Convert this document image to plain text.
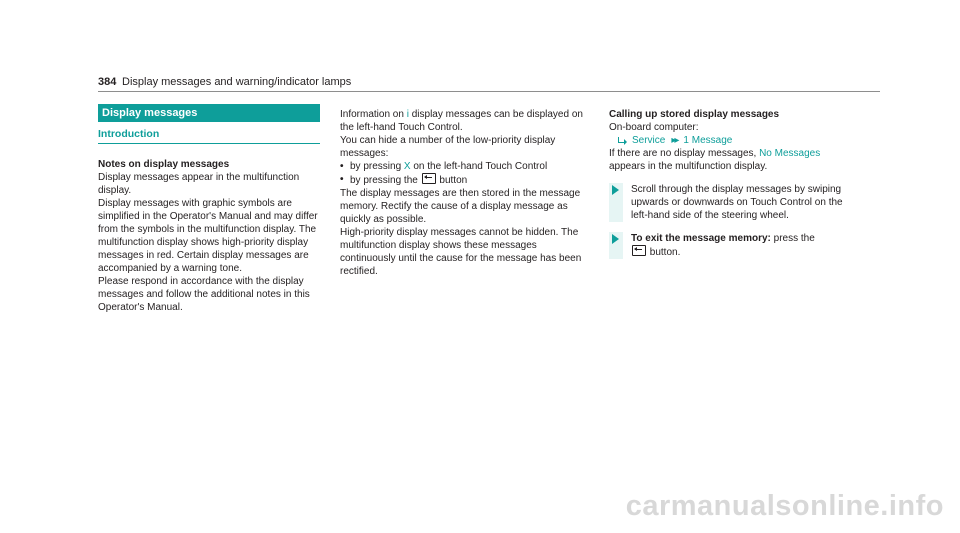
384 Display messages and warning/indicator lamps
Display messages
Introduction
Notes on display messages

Display messages appear in the multifunction display.

Display messages with graphic symbols are simplified in the Operator's Manual and may differ from the symbols in the multifunction display. The multifunction display shows high-priority display messages in red. Certain display messages are accompanied by a warning tone.

Please respond in accordance with the display messages and follow the additional notes in this Operator's Manual.

Information on i display messages can be displayed on the left-hand Touch Control.

You can hide a number of the low-priority display messages:

• by pressing X on the left-hand Touch Control
• by pressing the  button

The display messages are then stored in the message memory. Rectify the cause of a display message as quickly as possible.

High-priority display messages cannot be hidden. The multifunction display shows these messages continuously until the cause for the message has been rectified.

Calling up stored display messages
On-board computer:
Service ▸▸ 1 Message

If there are no display messages, No Messages appears in the multifunction display.

Scroll through the display messages by swiping upwards or downwards on Touch Control on the left-hand side of the steering wheel.
To exit the message memory: press the
button.
carmanualsonline.info
